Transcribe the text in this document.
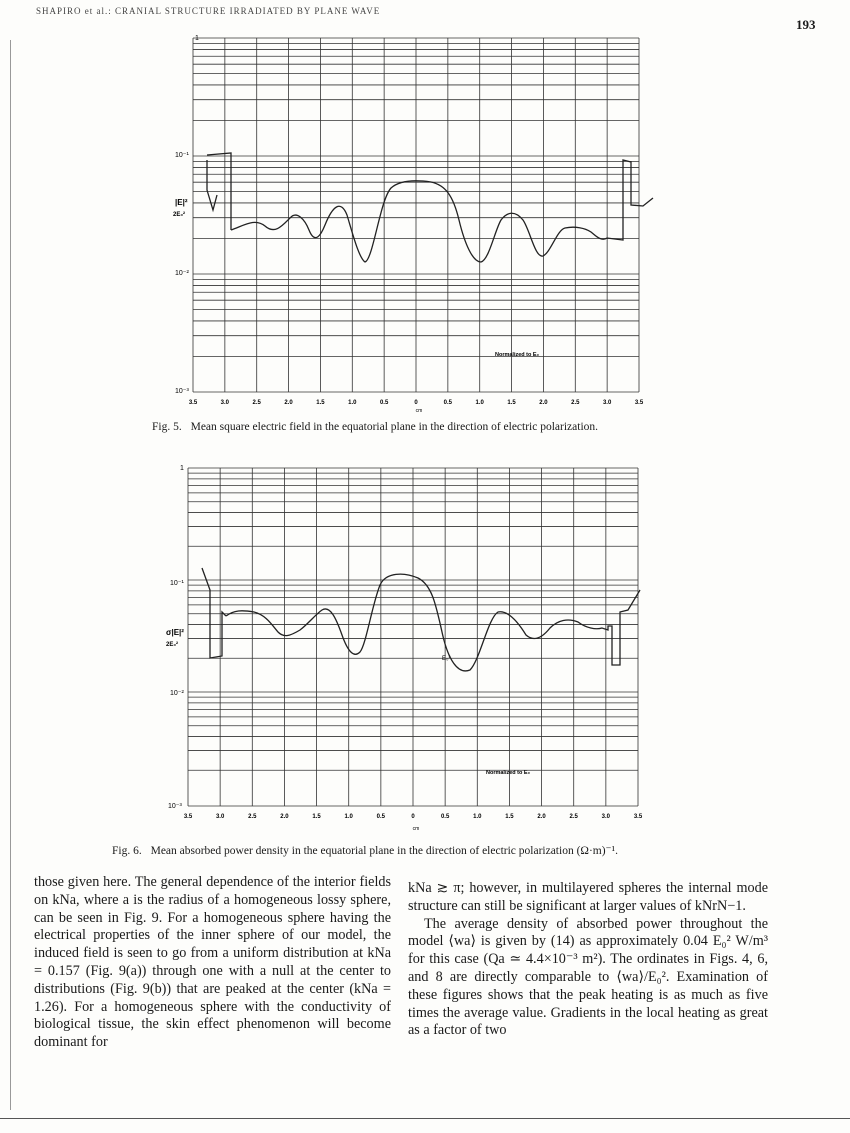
SHAPIRO et al.: CRANIAL STRUCTURE IRRADIATED BY PLANE WAVE
193
1
10⁻¹
10⁻²
10⁻³
|E|²
2E₀²
Normalized to E₀
3.5	3.0	2.5	2.0	1.5	1.0	0.5	0	0.5	1.0	1.5	2.0	2.5	3.0	3.5
cm
Fig. 5. Mean square electric field in the equatorial plane in the direction of electric polarization.
1
10⁻¹
10⁻²
10⁻³
σ|E|²
2E₀²
Normalized to E₀
E₀²
3.5	3.0	2.5	2.0	1.5	1.0	0.5	0	0.5	1.0	1.5	2.0	2.5	3.0	3.5
cm
Fig. 6. Mean absorbed power density in the equatorial plane in the direction of electric polarization (Ω·m)⁻¹.

those given here. The general dependence of the interior fields on kNa, where a is the radius of a homogeneous lossy sphere, can be seen in Fig. 9. For a homogeneous sphere having the electrical properties of the inner sphere of our model, the induced field is seen to go from a uniform distribution at kNa = 0.157 (Fig. 9(a)) through one with a null at the center to distributions (Fig. 9(b)) that are peaked at the center (kNa = 1.26). For a homogeneous sphere with the conductivity of biological tissue, the skin effect phenomenon will become dominant for

kNa ≳ π; however, in multilayered spheres the internal mode structure can still be significant at larger values of kNrN−1.

The average density of absorbed power throughout the model ⟨wa⟩ is given by (14) as approximately 0.04 E₀² W/m³ for this case (Qa ≃ 4.4×10⁻³ m²). The ordinates in Figs. 4, 6, and 8 are directly comparable to ⟨wa⟩/E₀². Examination of these figures shows that the peak heating is as much as five times the average value. Gradients in the local heating as great as a factor of two
